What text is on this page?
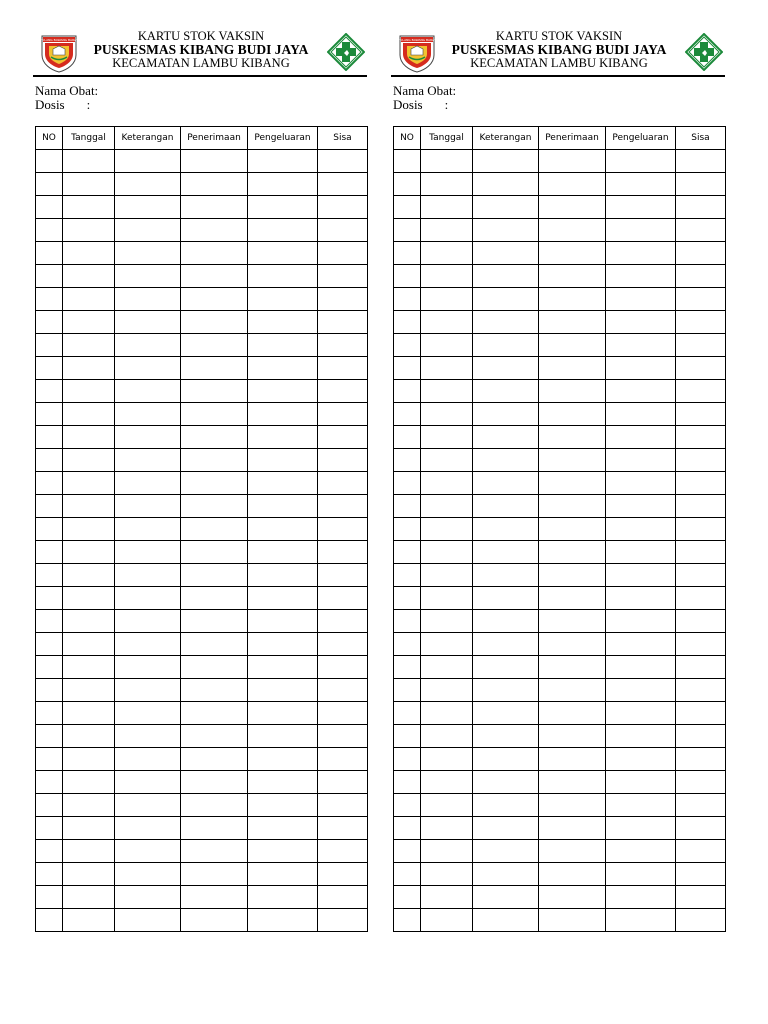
TULANG BAWANG BARAT	KARTU STOK VAKSIN
PUSKESMAS KIBANG BUDI JAYA
KECAMATAN LAMBU KIBANG
Nama Obat:
Dosis :
NO	Tanggal	Keterangan	Penerimaan	Pengeluaran	Sisa

TULANG BAWANG BARAT	KARTU STOK VAKSIN
PUSKESMAS KIBANG BUDI JAYA
KECAMATAN LAMBU KIBANG
Nama Obat:
Dosis :
NO	Tanggal	Keterangan	Penerimaan	Pengeluaran	Sisa
